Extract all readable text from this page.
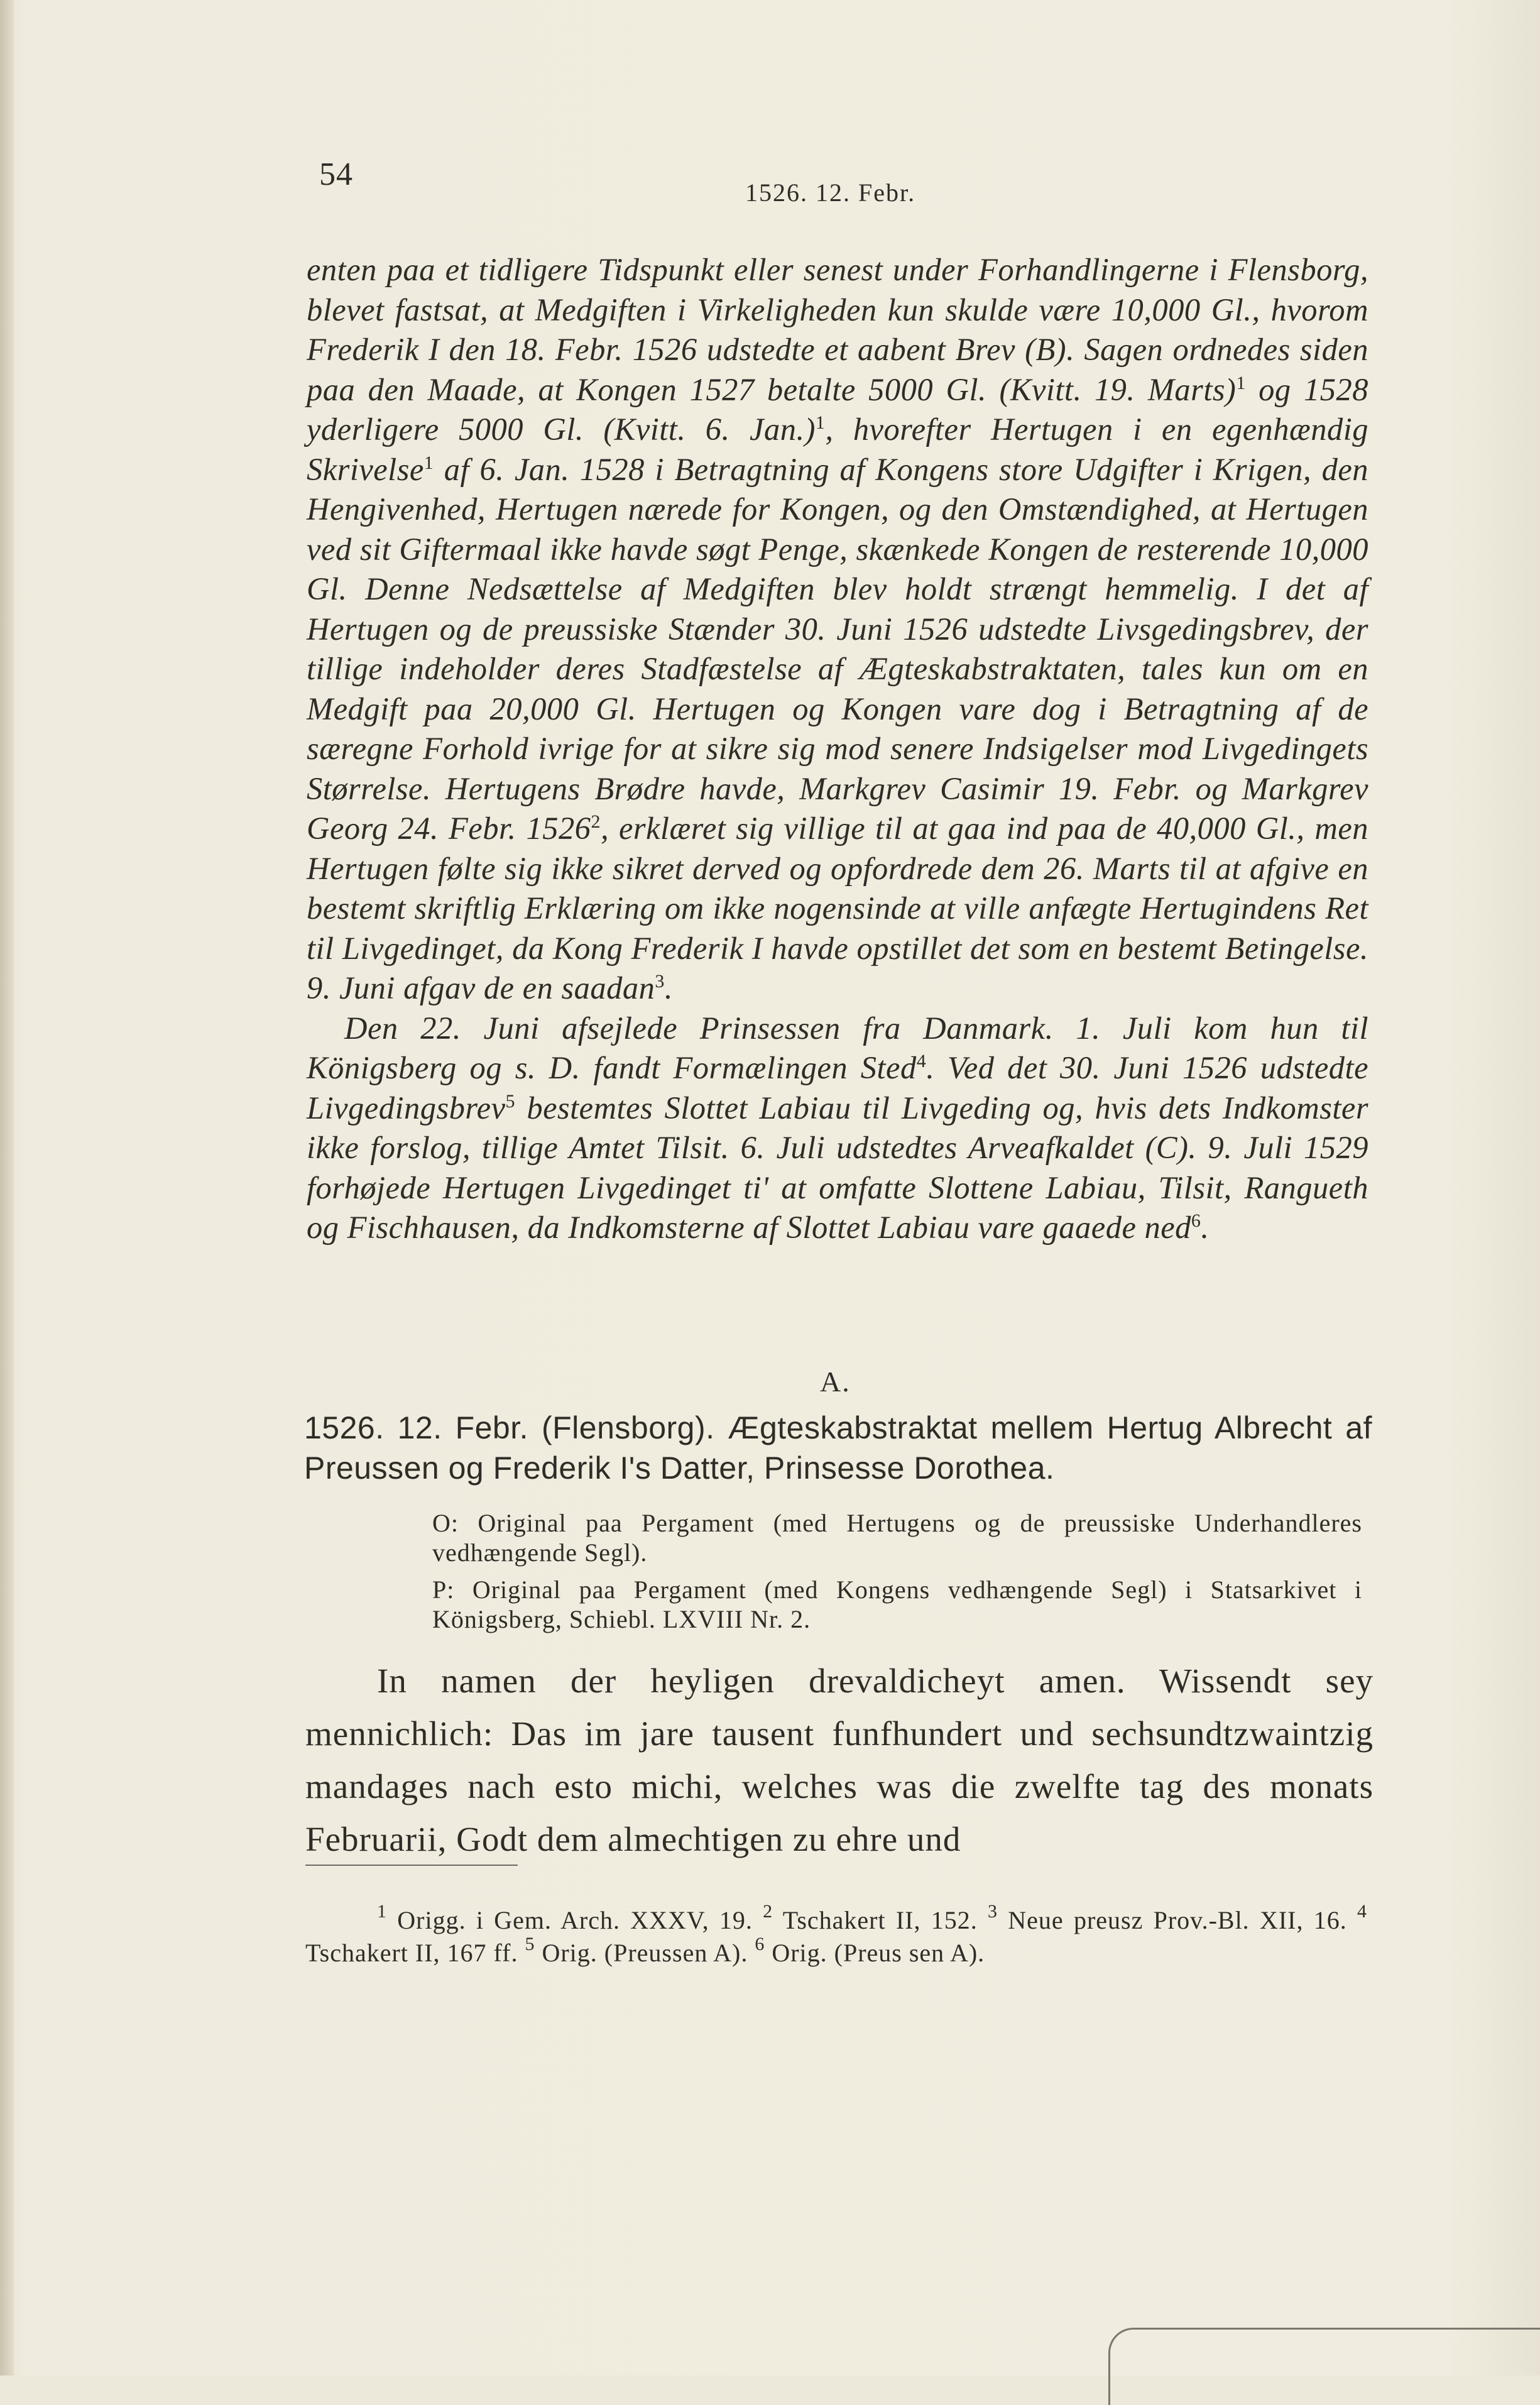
54
1526. 12. Febr.

enten paa et tidligere Tidspunkt eller senest under Forhandlingerne i Flensborg, blevet fastsat, at Medgiften i Virkeligheden kun skulde være 10,000 Gl., hvorom Frederik I den 18. Febr. 1526 udstedte et aabent Brev (B). Sagen ordnedes siden paa den Maade, at Kongen 1527 betalte 5000 Gl. (Kvitt. 19. Marts)$^1$ og 1528 yderligere 5000 Gl. (Kvitt. 6. Jan.)$^1$, hvorefter Hertugen i en egenhændig Skrivelse$^1$ af 6. Jan. 1528 i Betragtning af Kongens store Udgifter i Krigen, den Hengivenhed, Hertugen nærede for Kongen, og den Omstændighed, at Hertugen ved sit Giftermaal ikke havde søgt Penge, skænkede Kongen de resterende 10,000 Gl. Denne Nedsættelse af Medgiften blev holdt strængt hemmelig. I det af Hertugen og de preussiske Stænder 30. Juni 1526 udstedte Livsgedingsbrev, der tillige indeholder deres Stadfæstelse af Ægteskabstraktaten, tales kun om en Medgift paa 20,000 Gl. Hertugen og Kongen vare dog i Betragtning af de særegne Forhold ivrige for at sikre sig mod senere Indsigelser mod Livgedingets Størrelse. Hertugens Brødre havde, Markgrev Casimir 19. Febr. og Markgrev Georg 24. Febr. 1526$^2$, erklæret sig villige til at gaa ind paa de 40,000 Gl., men Hertugen følte sig ikke sikret derved og opfordrede dem 26. Marts til at afgive en bestemt skriftlig Erklæring om ikke nogensinde at ville anfægte Hertugindens Ret til Livgedinget, da Kong Frederik I havde opstillet det som en bestemt Betingelse. 9. Juni afgav de en saadan$^3$.

Den 22. Juni afsejlede Prinsessen fra Danmark. 1. Juli kom hun til Königsberg og s. D. fandt Formælingen Sted$^4$. Ved det 30. Juni 1526 udstedte Livgedingsbrev$^5$ bestemtes Slottet Labiau til Livgeding og, hvis dets Indkomster ikke forslog, tillige Amtet Tilsit. 6. Juli udstedtes Arveafkaldet (C). 9. Juli 1529 forhøjede Hertugen Livgedinget ti' at omfatte Slottene Labiau, Tilsit, Rangueth og Fischhausen, da Indkomsterne af Slottet Labiau vare gaaede ned$^6$.

A.
1526. 12. Febr. (Flensborg). Ægteskabstraktat mellem Hertug Albrecht af Preussen og Frederik I's Datter, Prinsesse Dorothea.
O: Original paa Pergament (med Hertugens og de preussiske Underhandleres vedhængende Segl).
P: Original paa Pergament (med Kongens vedhængende Segl) i Statsarkivet i Königsberg, Schiebl. LXVIII Nr. 2.

In namen der heyligen drevaldicheyt amen. Wissendt sey mennichlich: Das im jare tausent funfhundert und sechsundtzwaintzig mandages nach esto michi, welches was die zwelfte tag des monats Februarii, Godt dem almechtigen zu ehre und

$^1$ Origg. i Gem. Arch. XXXV, 19. $^2$ Tschakert II, 152. $^3$ Neue preusz Prov.-Bl. XII, 16. $^4$ Tschakert II, 167 ff. $^5$ Orig. (Preussen A). $^6$ Orig. (Preus sen A).
